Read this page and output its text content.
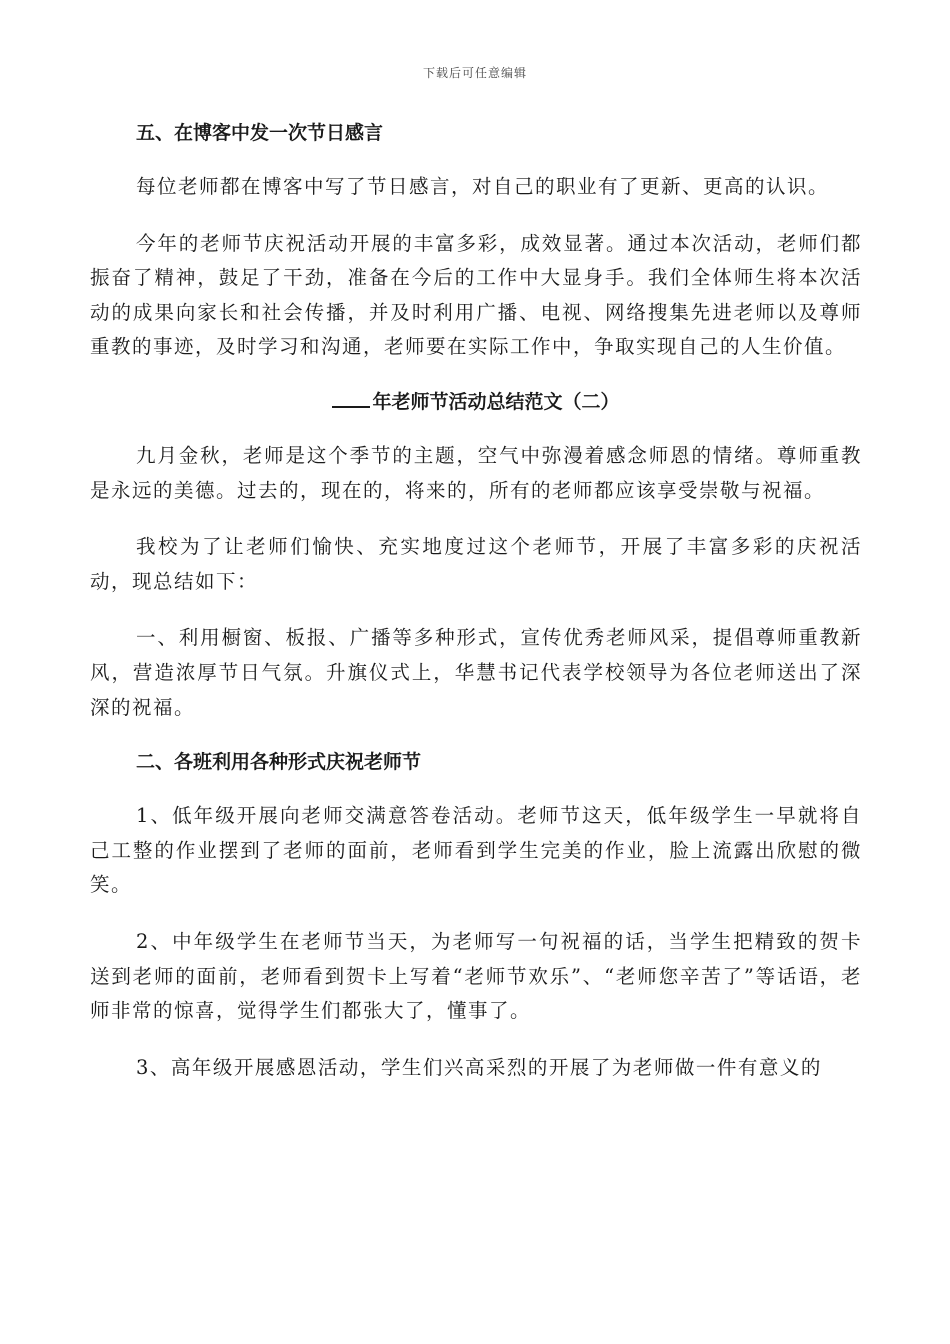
下载后可任意编辑
五、在博客中发一次节日感言

每位老师都在博客中写了节日感言，对自己的职业有了更新、更高的认识。

今年的老师节庆祝活动开展的丰富多彩，成效显著。通过本次活动，老师们都振奋了精神，鼓足了干劲，准备在今后的工作中大显身手。我们全体师生将本次活动的成果向家长和社会传播，并及时利用广播、电视、网络搜集先进老师以及尊师重教的事迹，及时学习和沟通，老师要在实际工作中，争取实现自己的人生价值。

年老师节活动总结范文（二）

九月金秋，老师是这个季节的主题，空气中弥漫着感念师恩的情绪。尊师重教是永远的美德。过去的，现在的，将来的，所有的老师都应该享受崇敬与祝福。

我校为了让老师们愉快、充实地度过这个老师节，开展了丰富多彩的庆祝活动，现总结如下：

一、利用橱窗、板报、广播等多种形式，宣传优秀老师风采，提倡尊师重教新风，营造浓厚节日气氛。升旗仪式上，华慧书记代表学校领导为各位老师送出了深深的祝福。

二、各班利用各种形式庆祝老师节

1、低年级开展向老师交满意答卷活动。老师节这天，低年级学生一早就将自己工整的作业摆到了老师的面前，老师看到学生完美的作业，脸上流露出欣慰的微笑。

2、中年级学生在老师节当天，为老师写一句祝福的话，当学生把精致的贺卡送到老师的面前，老师看到贺卡上写着“老师节欢乐”、“老师您辛苦了”等话语，老师非常的惊喜，觉得学生们都张大了，懂事了。

3、高年级开展感恩活动，学生们兴高采烈的开展了为老师做一件有意义的
